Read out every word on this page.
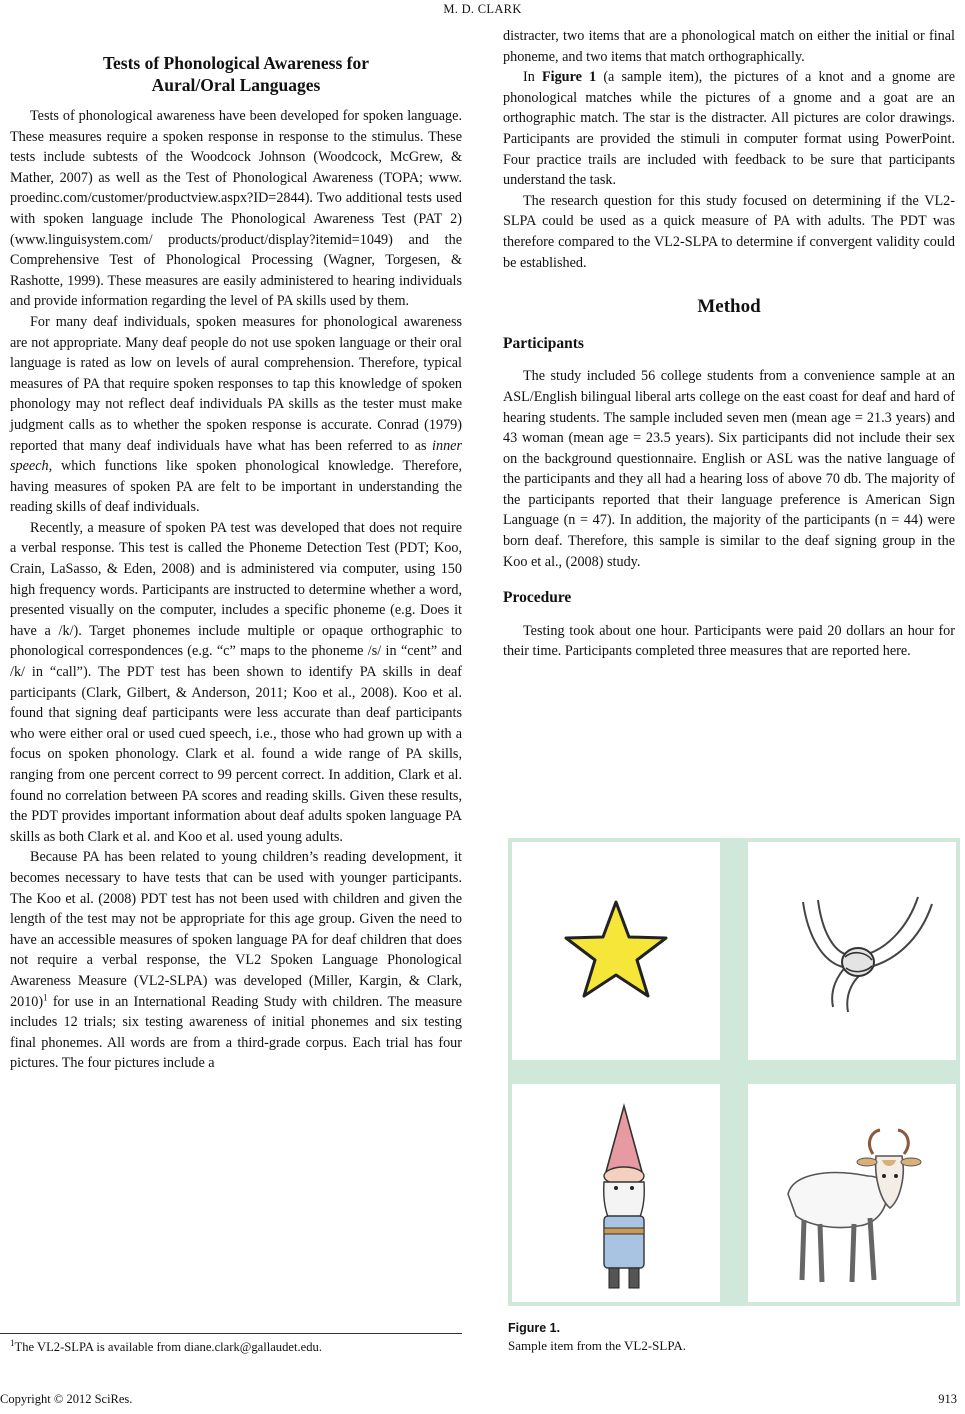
M. D. CLARK
Tests of Phonological Awareness for
Aural/Oral Languages

Tests of phonological awareness have been developed for spoken language. These measures require a spoken response in response to the stimulus. These tests include subtests of the Woodcock Johnson (Woodcock, McGrew, & Mather, 2007) as well as the Test of Phonological Awareness (TOPA; www. proedinc.com/customer/productview.aspx?ID=2844). Two additional tests used with spoken language include The Phonological Awareness Test (PAT 2) (www.linguisystem.com/ products/product/display?itemid=1049) and the Comprehensive Test of Phonological Processing (Wagner, Torgesen, & Rashotte, 1999). These measures are easily administered to hearing individuals and provide information regarding the level of PA skills used by them.

For many deaf individuals, spoken measures for phonological awareness are not appropriate. Many deaf people do not use spoken language or their oral language is rated as low on levels of aural comprehension. Therefore, typical measures of PA that require spoken responses to tap this knowledge of spoken phonology may not reflect deaf individuals PA skills as the tester must make judgment calls as to whether the spoken response is accurate. Conrad (1979) reported that many deaf individuals have what has been referred to as inner speech, which functions like spoken phonological knowledge. Therefore, having measures of spoken PA are felt to be important in understanding the reading skills of deaf individuals.

Recently, a measure of spoken PA test was developed that does not require a verbal response. This test is called the Phoneme Detection Test (PDT; Koo, Crain, LaSasso, & Eden, 2008) and is administered via computer, using 150 high frequency words. Participants are instructed to determine whether a word, presented visually on the computer, includes a specific phoneme (e.g. Does it have a /k/). Target phonemes include multiple or opaque orthographic to phonological correspondences (e.g. “c” maps to the phoneme /s/ in “cent” and /k/ in “call”). The PDT test has been shown to identify PA skills in deaf participants (Clark, Gilbert, & Anderson, 2011; Koo et al., 2008). Koo et al. found that signing deaf participants were less accurate than deaf participants who were either oral or used cued speech, i.e., those who had grown up with a focus on spoken phonology. Clark et al. found a wide range of PA skills, ranging from one percent correct to 99 percent correct. In addition, Clark et al. found no correlation between PA scores and reading skills. Given these results, the PDT provides important information about deaf adults spoken language PA skills as both Clark et al. and Koo et al. used young adults.

Because PA has been related to young children’s reading development, it becomes necessary to have tests that can be used with younger participants. The Koo et al. (2008) PDT test has not been used with children and given the length of the test may not be appropriate for this age group. Given the need to have an accessible measures of spoken language PA for deaf children that does not require a verbal response, the VL2 Spoken Language Phonological Awareness Measure (VL2-SLPA) was developed (Miller, Kargin, & Clark, 2010)$^1$ for use in an International Reading Study with children. The measure includes 12 trials; six testing awareness of initial phonemes and six testing final phonemes. All words are from a third-grade corpus. Each trial has four pictures. The four pictures include a

distracter, two items that are a phonological match on either the initial or final phoneme, and two items that match orthographically.

In Figure 1 (a sample item), the pictures of a knot and a gnome are phonological matches while the pictures of a gnome and a goat are an orthographic match. The star is the distracter. All pictures are color drawings. Participants are provided the stimuli in computer format using PowerPoint. Four practice trails are included with feedback to be sure that participants understand the task.

The research question for this study focused on determining if the VL2-SLPA could be used as a quick measure of PA with adults. The PDT was therefore compared to the VL2-SLPA to determine if convergent validity could be established.

Method
Participants

The study included 56 college students from a convenience sample at an ASL/English bilingual liberal arts college on the east coast for deaf and hard of hearing students. The sample included seven men (mean age = 21.3 years) and 43 woman (mean age = 23.5 years). Six participants did not include their sex on the background questionnaire. English or ASL was the native language of the participants and they all had a hearing loss of above 70 db. The majority of the participants reported that their language preference is American Sign Language (n = 47). In addition, the majority of the participants (n = 44) were born deaf. Therefore, this sample is similar to the deaf signing group in the Koo et al., (2008) study.

Procedure

Testing took about one hour. Participants were paid 20 dollars an hour for their time. Participants completed three measures that are reported here.

Figure 1.
Sample item from the VL2-SLPA.
$^1$The VL2-SLPA is available from diane.clark@gallaudet.edu.
Copyright © 2012 SciRes.	913
